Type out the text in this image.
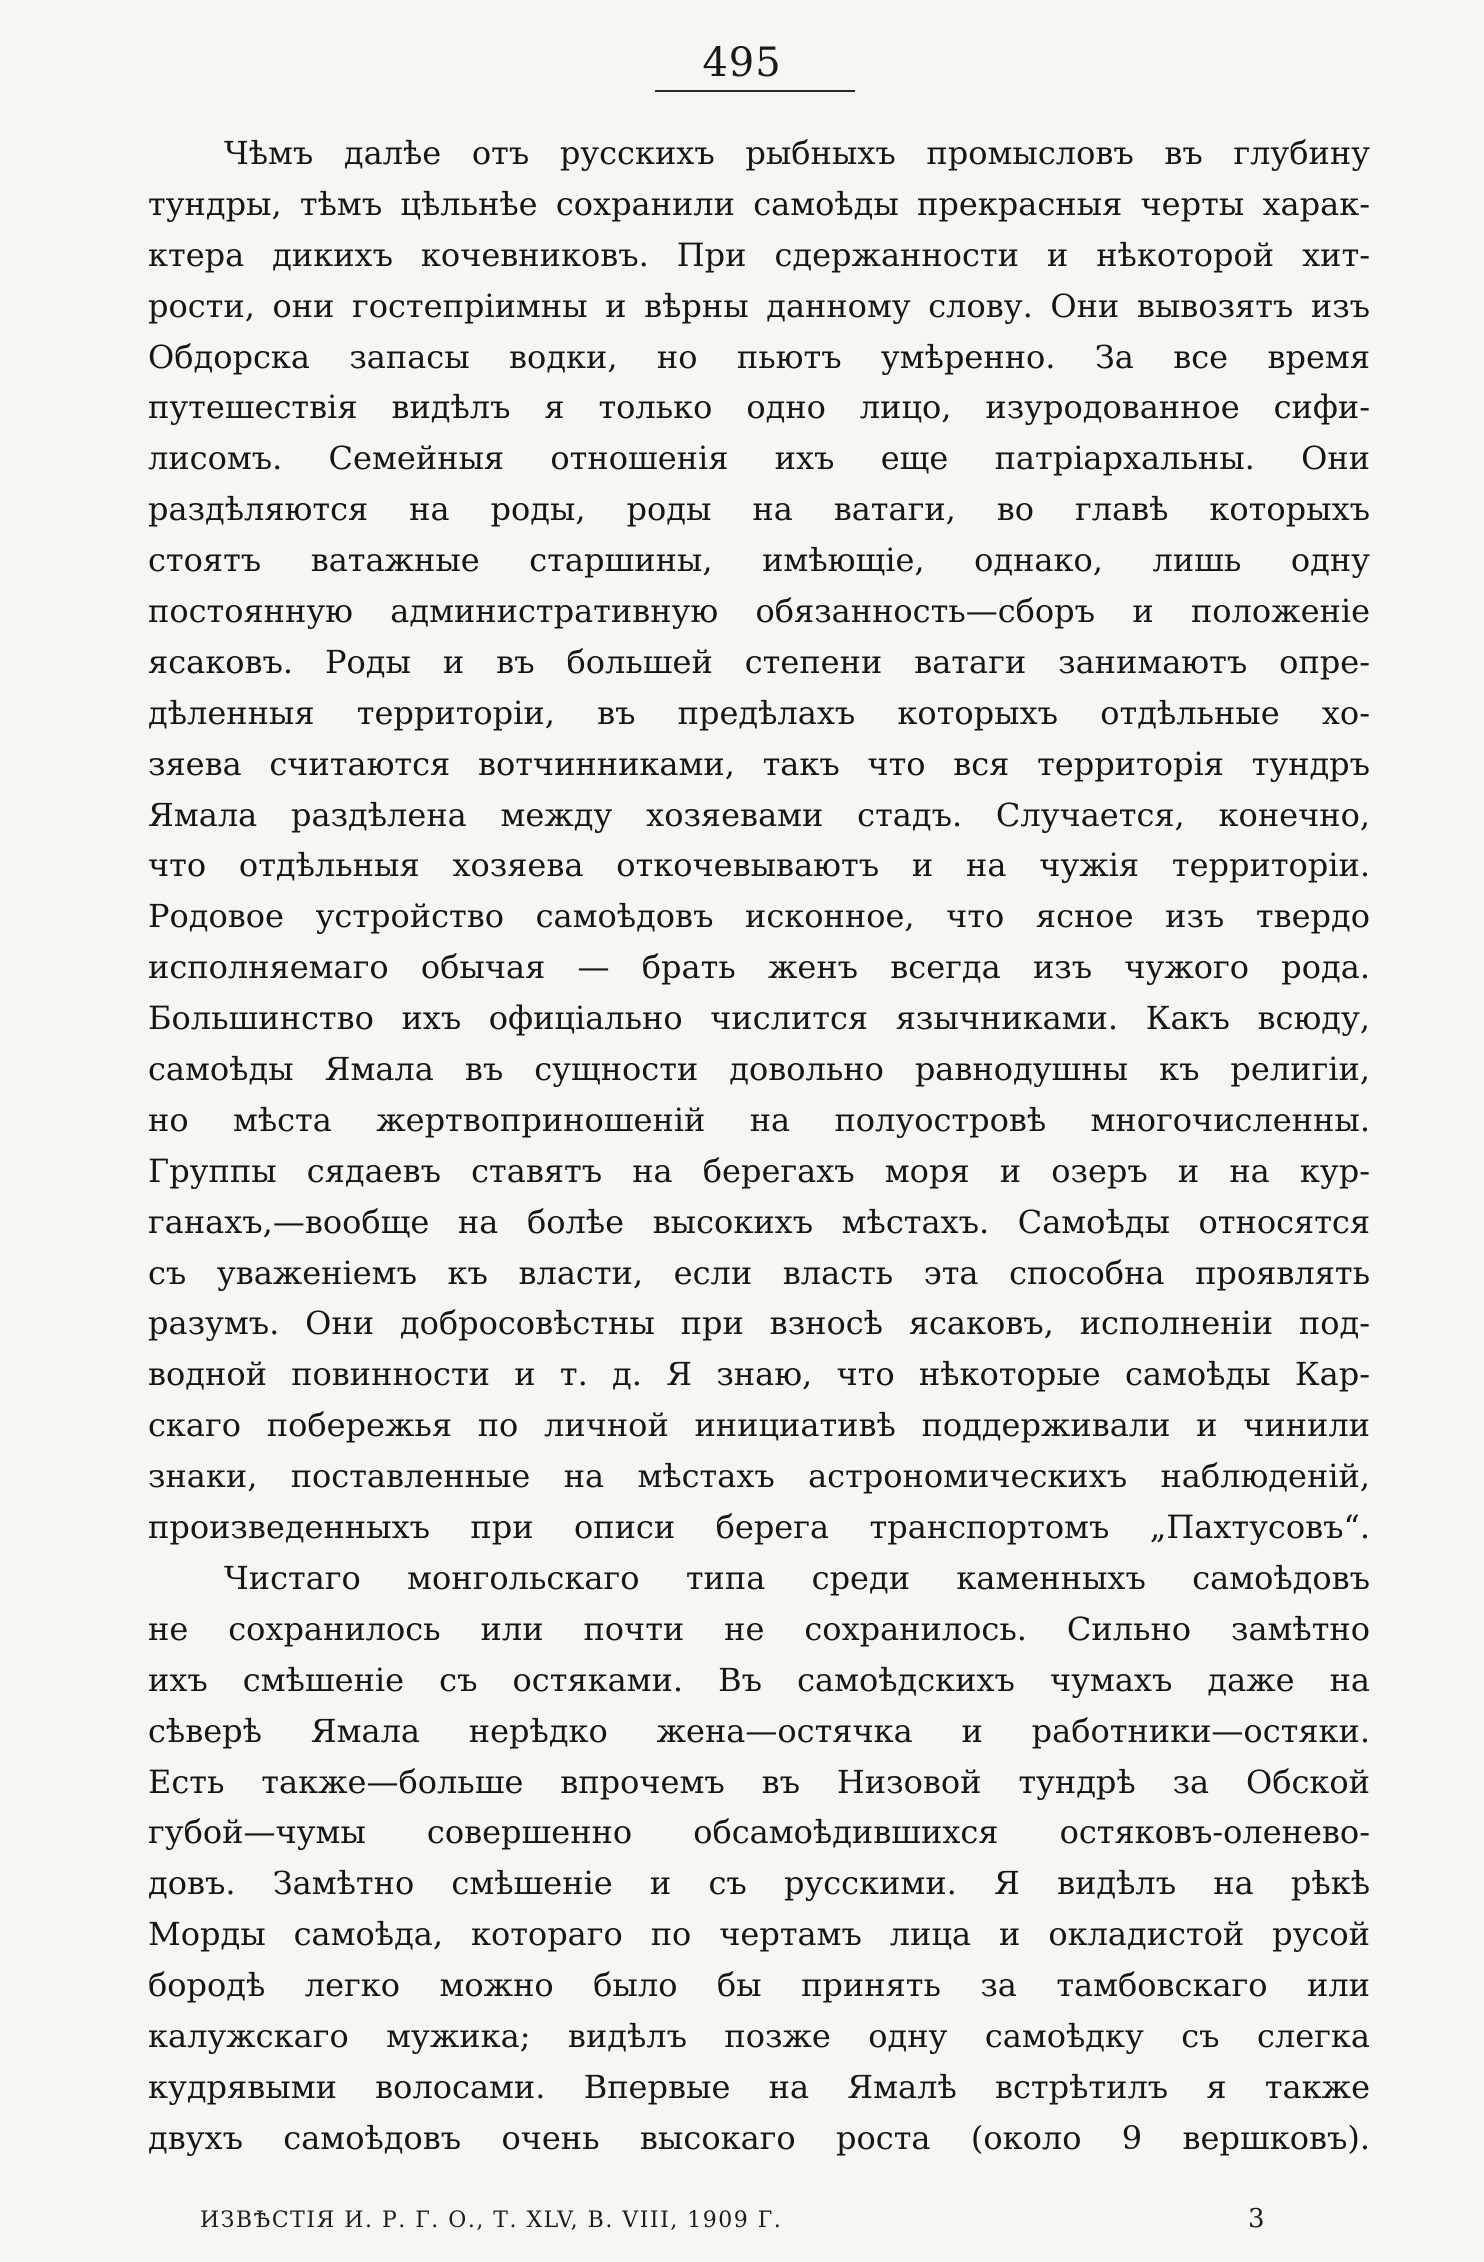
495
Чѣмъ далѣе отъ русскихъ рыбныхъ промысловъ въ глубину
тундры, тѣмъ цѣльнѣе сохранили самоѣды прекрасныя черты харак-
ктера дикихъ кочевниковъ. При сдержанности и нѣкоторой хит-
рости, они гостепріимны и вѣрны данному слову. Они вывозятъ изъ
Обдорска запасы водки, но пьютъ умѣренно. За все время
путешествія видѣлъ я только одно лицо, изуродованное сифи-
лисомъ. Семейныя отношенія ихъ еще патріархальны. Они
раздѣляются на роды, роды на ватаги, во главѣ которыхъ
стоятъ ватажные старшины, имѣющіе, однако, лишь одну
постоянную административную обязанность—сборъ и положеніе
ясаковъ. Роды и въ большей степени ватаги занимаютъ опре-
дѣленныя территоріи, въ предѣлахъ которыхъ отдѣльные хо-
зяева считаются вотчинниками, такъ что вся территорія тундръ
Ямала раздѣлена между хозяевами стадъ. Случается, конечно,
что отдѣльныя хозяева откочевываютъ и на чужія территоріи.
Родовое устройство самоѣдовъ исконное, что ясное изъ твердо
исполняемаго обычая — брать женъ всегда изъ чужого рода.
Большинство ихъ офиціально числится язычниками. Какъ всюду,
самоѣды Ямала въ сущности довольно равнодушны къ религіи,
но мѣста жертвоприношеній на полуостровѣ многочисленны.
Группы сядаевъ ставятъ на берегахъ моря и озеръ и на кур-
ганахъ,—вообще на болѣе высокихъ мѣстахъ. Самоѣды относятся
съ уваженіемъ къ власти, если власть эта способна проявлять
разумъ. Они добросовѣстны при взносѣ ясаковъ, исполненіи под-
водной повинности и т. д. Я знаю, что нѣкоторые самоѣды Кар-
скаго побережья по личной инициативѣ поддерживали и чинили
знаки, поставленные на мѣстахъ астрономическихъ наблюденій,
произведенныхъ при описи берега транспортомъ „Пахтусовъ“.
Чистаго монгольскаго типа среди каменныхъ самоѣдовъ
не сохранилось или почти не сохранилось. Сильно замѣтно
ихъ смѣшеніе съ остяками. Въ самоѣдскихъ чумахъ даже на
сѣверѣ Ямала нерѣдко жена—остячка и работники—остяки.
Есть также—больше впрочемъ въ Низовой тундрѣ за Обской
губой—чумы совершенно обсамоѣдившихся остяковъ-оленево-
довъ. Замѣтно смѣшеніе и съ русскими. Я видѣлъ на рѣкѣ
Морды самоѣда, котораго по чертамъ лица и окладистой русой
бородѣ легко можно было бы принять за тамбовскаго или
калужскаго мужика; видѣлъ позже одну самоѣдку съ слегка
кудрявыми волосами. Впервые на Ямалѣ встрѣтилъ я также
двухъ самоѣдовъ очень высокаго роста (около 9 вершковъ).
ИЗВѢСТІЯ И. Р. Г. О., Т. XLV, В. VIII, 1909 Г.	3
